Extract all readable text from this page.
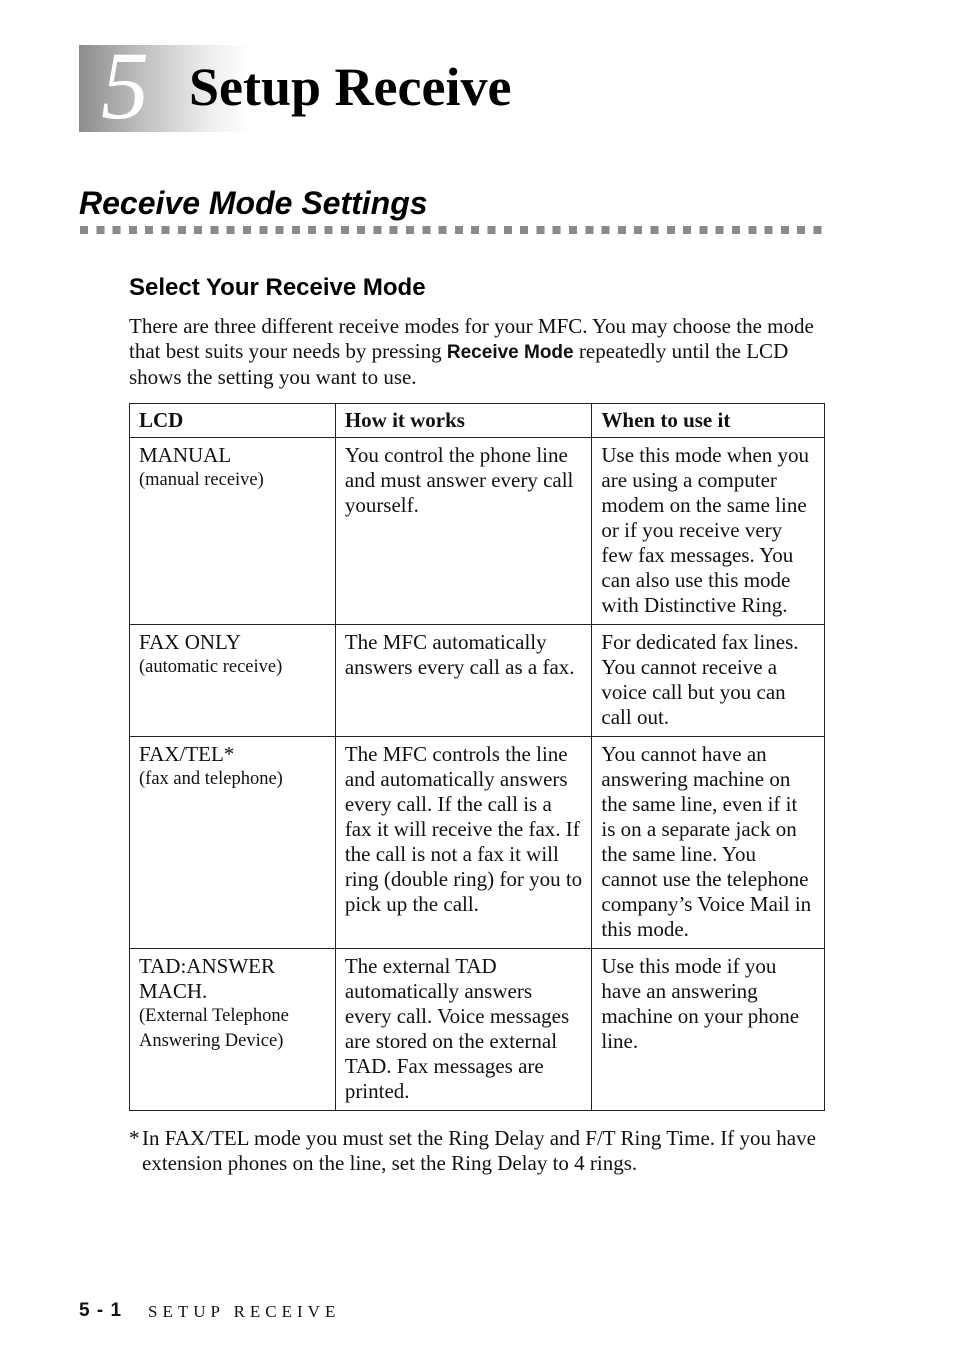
5 Setup Receive
Receive Mode Settings
Select Your Receive Mode
There are three different receive modes for your MFC. You may choose the mode that best suits your needs by pressing Receive Mode repeatedly until the LCD shows the setting you want to use.
LCD	How it works	When to use it

MANUAL
(manual receive)	You control the phone line and must answer every call yourself.	Use this mode when you are using a computer modem on the same line or if you receive very few fax messages. You can also use this mode with Distinctive Ring.

FAX ONLY
(automatic receive)	The MFC automatically answers every call as a fax.	For dedicated fax lines. You cannot receive a voice call but you can call out.

FAX/TEL*
(fax and telephone)	The MFC controls the line and automatically answers every call. If the call is a fax it will receive the fax. If the call is not a fax it will ring (double ring) for you to pick up the call.	You cannot have an answering machine on the same line, even if it is on a separate jack on the same line. You cannot use the telephone company’s Voice Mail in this mode.

TAD:ANSWER MACH.
(External Telephone Answering Device)	The external TAD automatically answers every call. Voice messages are stored on the external TAD. Fax messages are printed.	Use this mode if you have an answering machine on your phone line.
* In FAX/TEL mode you must set the Ring Delay and F/T Ring Time. If you have extension phones on the line, set the Ring Delay to 4 rings.
5 - 1 SETUP RECEIVE
